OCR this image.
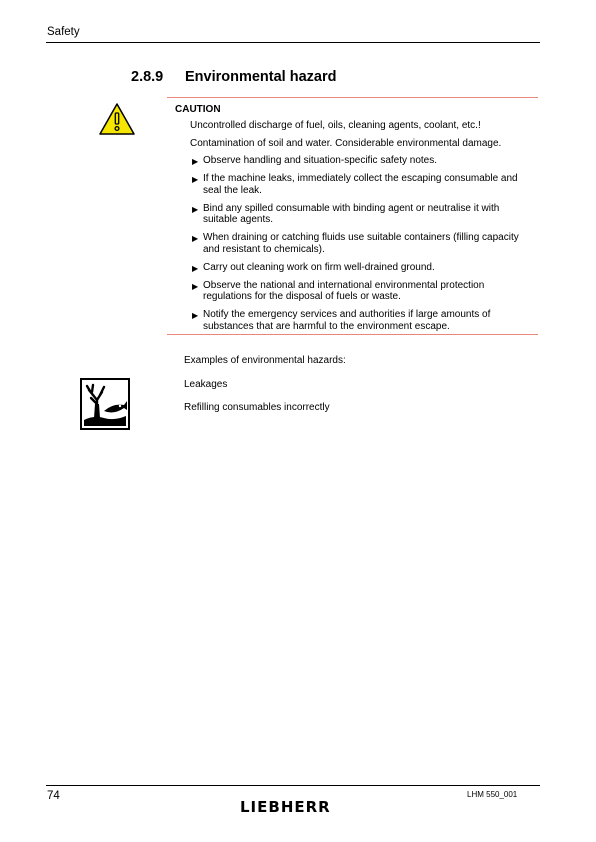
Safety
2.8.9 Environmental hazard
CAUTION
Uncontrolled discharge of fuel, oils, cleaning agents, coolant, etc.!
Contamination of soil and water. Considerable environmental damage.
▶ Observe handling and situation-specific safety notes.
▶ If the machine leaks, immediately collect the escaping consumable and seal the leak.
▶ Bind any spilled consumable with binding agent or neutralise it with suitable agents.
▶ When draining or catching fluids use suitable containers (filling capacity and resistant to chemicals).
▶ Carry out cleaning work on firm well-drained ground.
▶ Observe the national and international environmental protection regulations for the disposal of fuels or waste.
▶ Notify the emergency services and authorities if large amounts of substances that are harmful to the environment escape.
Examples of environmental hazards:
Leakages
Refilling consumables incorrectly
74	LHM 550_001
LIEBHERR
